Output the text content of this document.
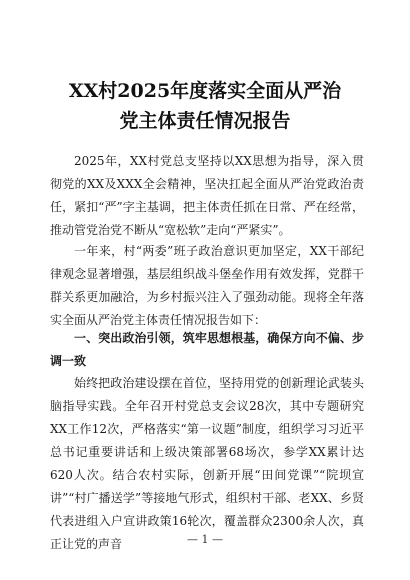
XX村2025年度落实全面从严治党主体责任情况报告
2025年，XX村党总支坚持以XX思想为指导，深入贯彻党的XX及XXX全会精神，坚决扛起全面从严治党政治责任，紧扣“严”字主基调，把主体责任抓在日常、严在经常，推动管党治党不断从“宽松软”走向“严紧实”。
一年来，村“两委”班子政治意识更加坚定，XX干部纪律观念显著增强，基层组织战斗堡垒作用有效发挥，党群干群关系更加融洽，为乡村振兴注入了强劲动能。现将全年落实全面从严治党主体责任情况报告如下：
一、突出政治引领，筑牢思想根基，确保方向不偏、步调一致
始终把政治建设摆在首位，坚持用党的创新理论武装头脑指导实践。全年召开村党总支会议28次，其中专题研究XX工作12次，严格落实“第一议题”制度，组织学习习近平总书记重要讲话和上级决策部署68场次，参学XX累计达620人次。结合农村实际，创新开展“田间党课”“院坝宣讲”“村广播送学”等接地气形式，组织村干部、老XX、乡贤代表进组入户宣讲政策16轮次，覆盖群众2300余人次，真正让党的声音	— 1 —
